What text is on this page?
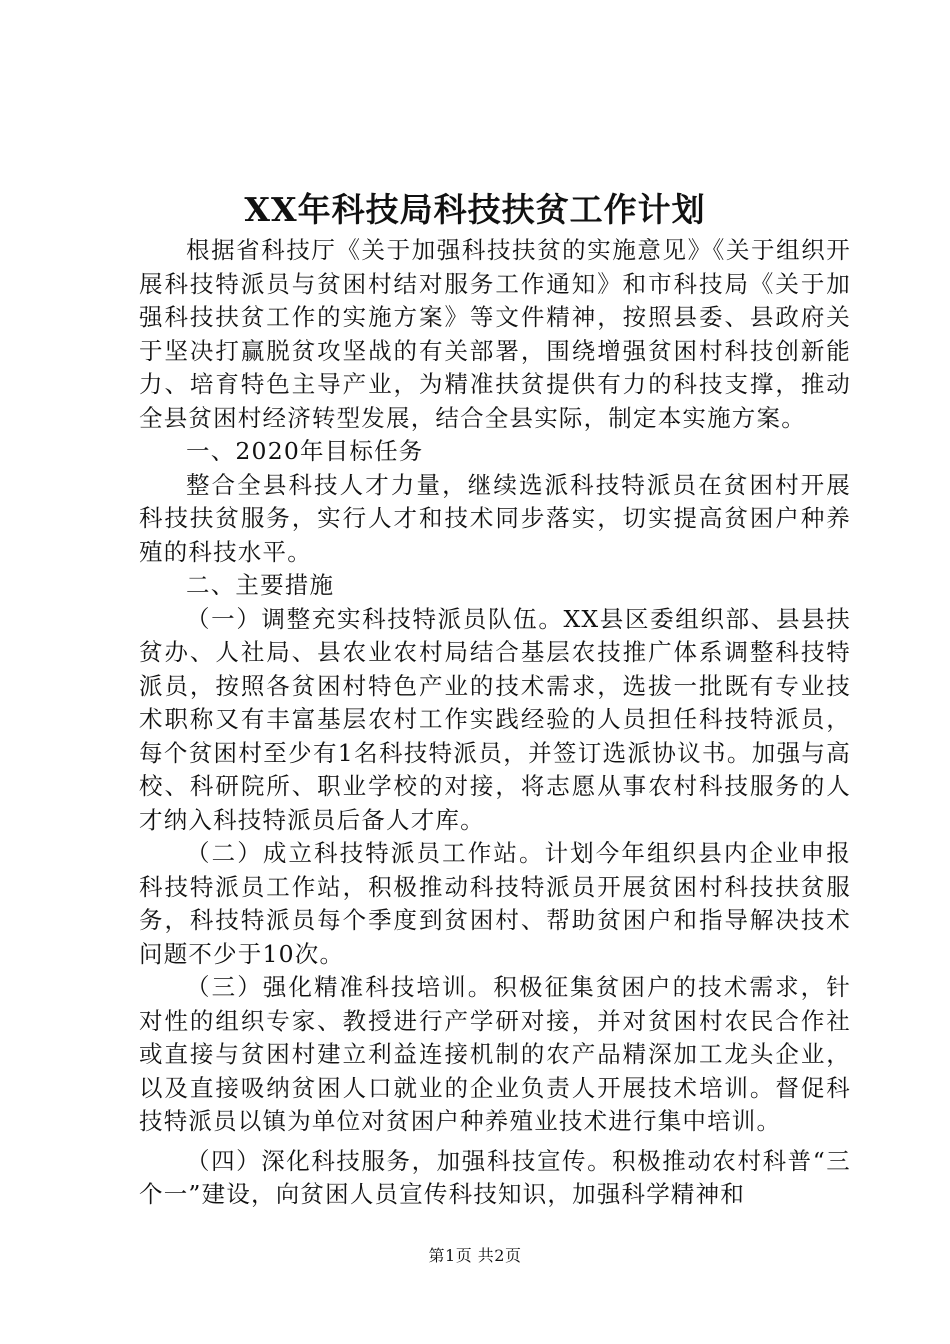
XX年科技局科技扶贫工作计划

根据省科技厅《关于加强科技扶贫的实施意见》《关于组织开展科技特派员与贫困村结对服务工作通知》和市科技局《关于加强科技扶贫工作的实施方案》等文件精神，按照县委、县政府关于坚决打赢脱贫攻坚战的有关部署，围绕增强贫困村科技创新能力、培育特色主导产业，为精准扶贫提供有力的科技支撑，推动全县贫困村经济转型发展，结合全县实际，制定本实施方案。

一、2020年目标任务

整合全县科技人才力量，继续选派科技特派员在贫困村开展科技扶贫服务，实行人才和技术同步落实，切实提高贫困户种养殖的科技水平。

二、主要措施

（一）调整充实科技特派员队伍。XX县区委组织部、县县扶贫办、人社局、县农业农村局结合基层农技推广体系调整科技特派员，按照各贫困村特色产业的技术需求，选拔一批既有专业技术职称又有丰富基层农村工作实践经验的人员担任科技特派员，每个贫困村至少有1名科技特派员，并签订选派协议书。加强与高校、科研院所、职业学校的对接，将志愿从事农村科技服务的人才纳入科技特派员后备人才库。

（二）成立科技特派员工作站。计划今年组织县内企业申报科技特派员工作站，积极推动科技特派员开展贫困村科技扶贫服务，科技特派员每个季度到贫困村、帮助贫困户和指导解决技术问题不少于10次。

（三）强化精准科技培训。积极征集贫困户的技术需求，针对性的组织专家、教授进行产学研对接，并对贫困村农民合作社或直接与贫困村建立利益连接机制的农产品精深加工龙头企业，以及直接吸纳贫困人口就业的企业负责人开展技术培训。督促科技特派员以镇为单位对贫困户种养殖业技术进行集中培训。

（四）深化科技服务，加强科技宣传。积极推动农村科普“三个一”建设，向贫困人员宣传科技知识，加强科学精神和

第1页 共2页
